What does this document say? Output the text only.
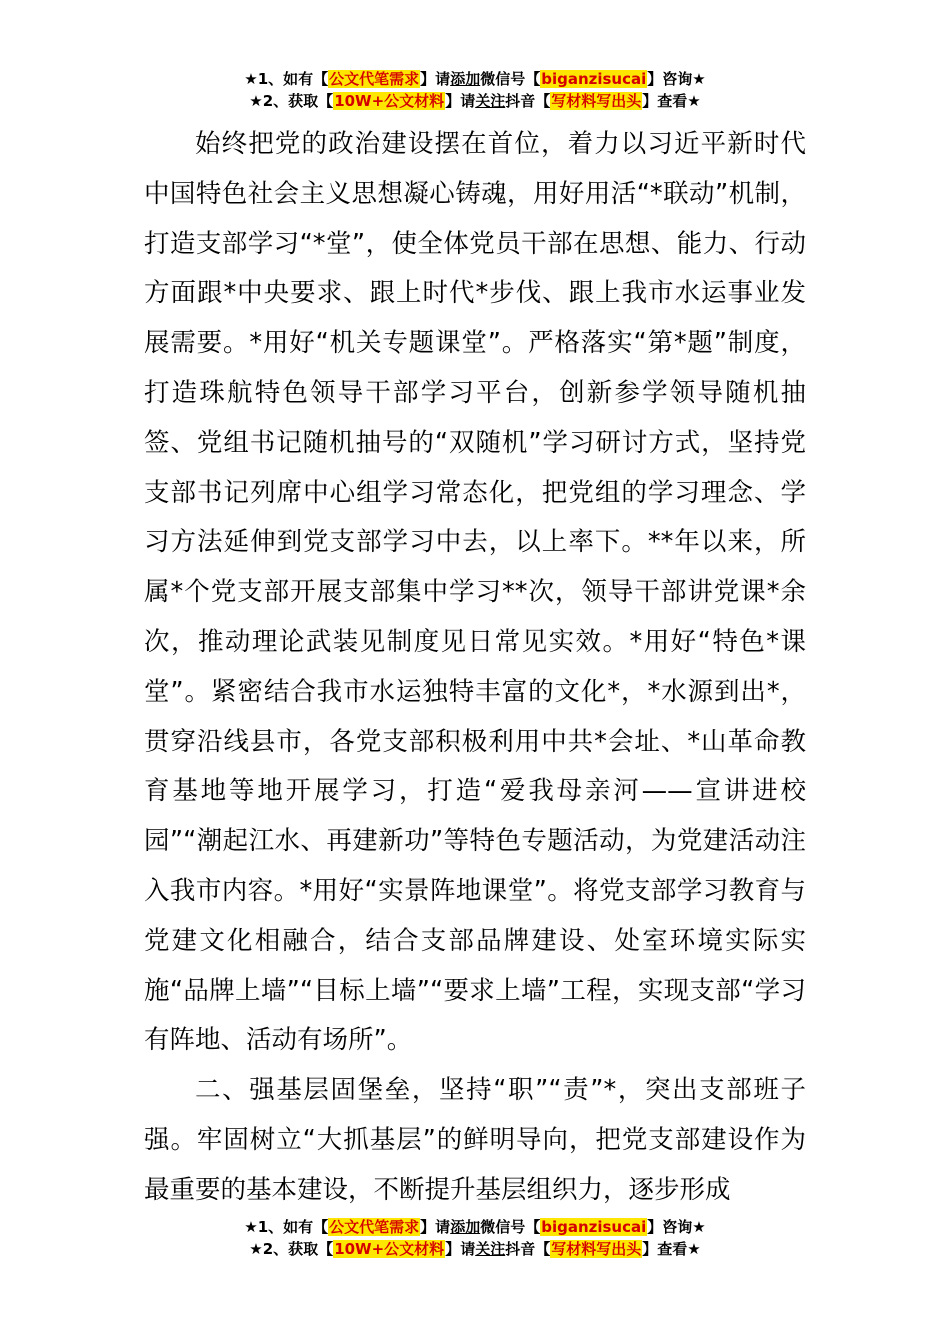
★1、如有【公文代笔需求】请添加微信号【biganzisucai】咨询★
★2、获取【10W+公文材料】请关注抖音【写材料写出头】查看★

始终把党的政治建设摆在首位，着力以习近平新时代中国特色社会主义思想凝心铸魂，用好用活“*联动”机制，打造支部学习“*堂”，使全体党员干部在思想、能力、行动方面跟*中央要求、跟上时代*步伐、跟上我市水运事业发展需要。*用好“机关专题课堂”。严格落实“第*题”制度，打造珠航特色领导干部学习平台，创新参学领导随机抽签、党组书记随机抽号的“双随机”学习研讨方式，坚持党支部书记列席中心组学习常态化，把党组的学习理念、学习方法延伸到党支部学习中去，以上率下。**年以来，所属*个党支部开展支部集中学习**次，领导干部讲党课*余次，推动理论武装见制度见日常见实效。*用好“特色*课堂”。紧密结合我市水运独特丰富的文化*，*水源到出*，贯穿沿线县市，各党支部积极利用中共*会址、*山革命教育基地等地开展学习，打造“爱我母亲河——宣讲进校园”“潮起江水、再建新功”等特色专题活动，为党建活动注入我市内容。*用好“实景阵地课堂”。将党支部学习教育与党建文化相融合，结合支部品牌建设、处室环境实际实施“品牌上墙”“目标上墙”“要求上墙”工程，实现支部“学习有阵地、活动有场所”。

二、强基层固堡垒，坚持“职”“责”*，突出支部班子强。牢固树立“大抓基层”的鲜明导向，把党支部建设作为最重要的基本建设，不断提升基层组织力，逐步形成

★1、如有【公文代笔需求】请添加微信号【biganzisucai】咨询★
★2、获取【10W+公文材料】请关注抖音【写材料写出头】查看★
